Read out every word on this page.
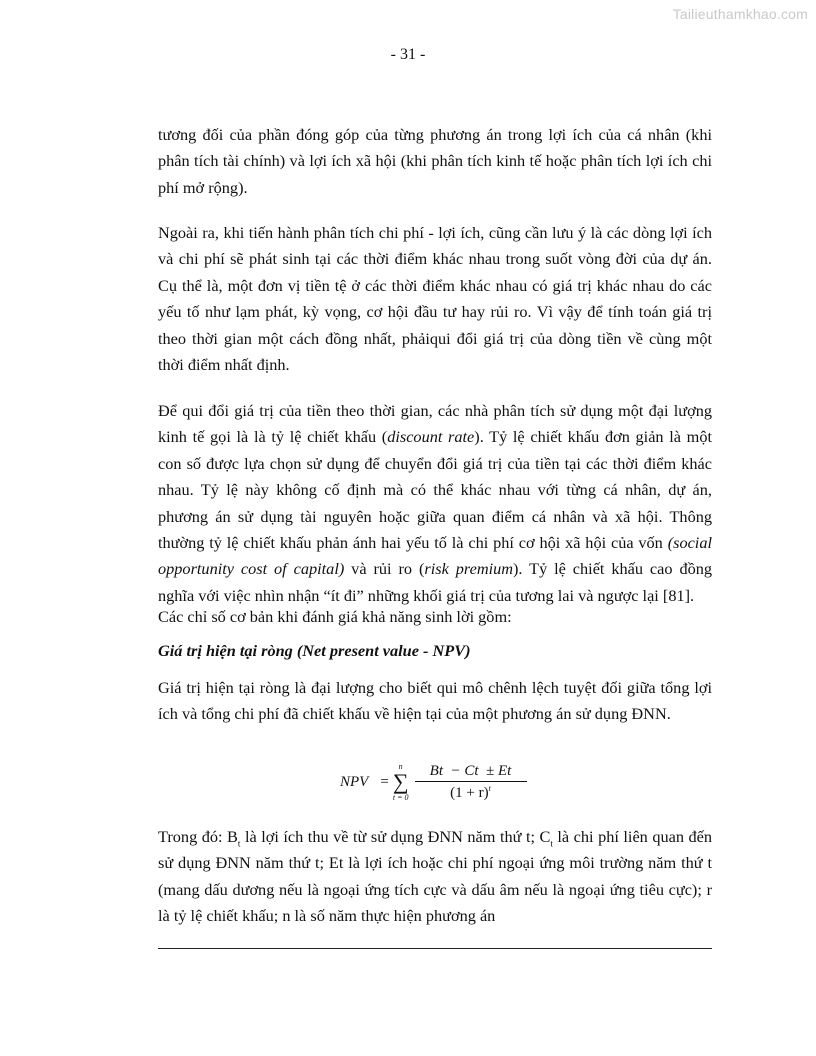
Tailieuthamkhao.com
- 31 -
tương đối của phần đóng góp của từng phương án trong lợi ích của cá nhân (khi
phân tích tài chính) và lợi ích xã hội (khi phân tích kinh tế hoặc phân tích lợi ích chi
phí mở rộng).
Ngoài ra, khi tiến hành phân tích chi phí - lợi ích, cũng cần lưu ý là các dòng lợi ích
và chi phí sẽ phát sinh tại các thời điểm khác nhau trong suốt vòng đời của dự án.
Cụ thể là, một đơn vị tiền tệ ở các thời điểm khác nhau có giá trị khác nhau do các
yếu tố như lạm phát, kỳ vọng, cơ hội đầu tư hay rủi ro. Vì vậy để tính toán giá trị
theo thời gian một cách đồng nhất, phảiqui đổi giá trị của dòng tiền về cùng một
thời điểm nhất định.
Để qui đổi giá trị của tiền theo thời gian, các nhà phân tích sử dụng một đại lượng
kinh tế gọi là là tỷ lệ chiết khấu (discount rate). Tỷ lệ chiết khấu đơn giản là một
con số được lựa chọn sử dụng để chuyển đổi giá trị của tiền tại các thời điểm khác
nhau. Tỷ lệ này không cố định mà có thể khác nhau với từng cá nhân, dự án,
phương án sử dụng tài nguyên hoặc giữa quan điểm cá nhân và xã hội. Thông
thường tỷ lệ chiết khấu phản ánh hai yếu tố là chi phí cơ hội xã hội của vốn (social
opportunity cost of capital) và rủi ro (risk premium). Tỷ lệ chiết khấu cao đồng
nghĩa với việc nhìn nhận “ít đi” những khối giá trị của tương lai và ngược lại [81].
Các chỉ số cơ bản khi đánh giá khả năng sinh lời gồm:
Giá trị hiện tại ròng (Net present value - NPV)
Giá trị hiện tại ròng là đại lượng cho biết qui mô chênh lệch tuyệt đối giữa tổng lợi
ích và tổng chi phí đã chiết khấu về hiện tại của một phương án sử dụng ĐNN.
NPV =
n
∑
$t = 0 \frac{Bt - Ct \pm Et}{(1 + r)^t}$
Trong đó: $B_t$ là lợi ích thu về từ sử dụng ĐNN năm thứ t; $C_t$ là chi phí liên quan đến
sử dụng ĐNN năm thứ t; Et là lợi ích hoặc chi phí ngoại ứng môi trường năm thứ t
(mang dấu dương nếu là ngoại ứng tích cực và dấu âm nếu là ngoại ứng tiêu cực); r
là tỷ lệ chiết khấu; n là số năm thực hiện phương án
